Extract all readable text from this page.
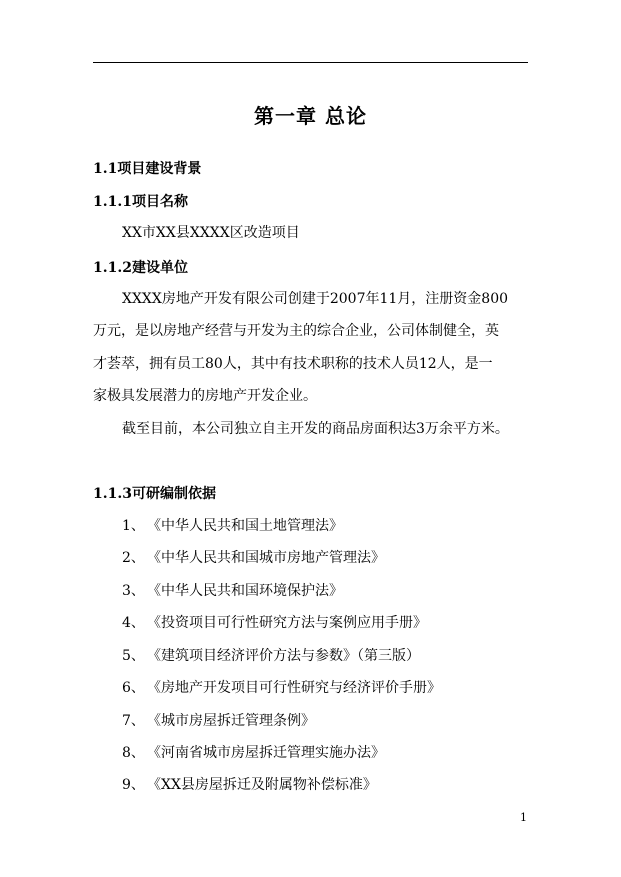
第一章 总论
1.1项目建设背景
1.1.1项目名称
XX市XX县XXXX区改造项目
1.1.2建设单位
XXXX房地产开发有限公司创建于2007年11月，注册资金800
万元，是以房地产经营与开发为主的综合企业，公司体制健全，英
才荟萃，拥有员工80人，其中有技术职称的技术人员12人，是一
家极具发展潜力的房地产开发企业。
截至目前，本公司独立自主开发的商品房面积达3万余平方米。
1.1.3可研编制依据
1、 《中华人民共和国土地管理法》
2、 《中华人民共和国城市房地产管理法》
3、 《中华人民共和国环境保护法》
4、 《投资项目可行性研究方法与案例应用手册》
5、 《建筑项目经济评价方法与参数》（第三版）
6、 《房地产开发项目可行性研究与经济评价手册》
7、 《城市房屋拆迁管理条例》
8、 《河南省城市房屋拆迁管理实施办法》
9、 《XX县房屋拆迁及附属物补偿标准》
1
